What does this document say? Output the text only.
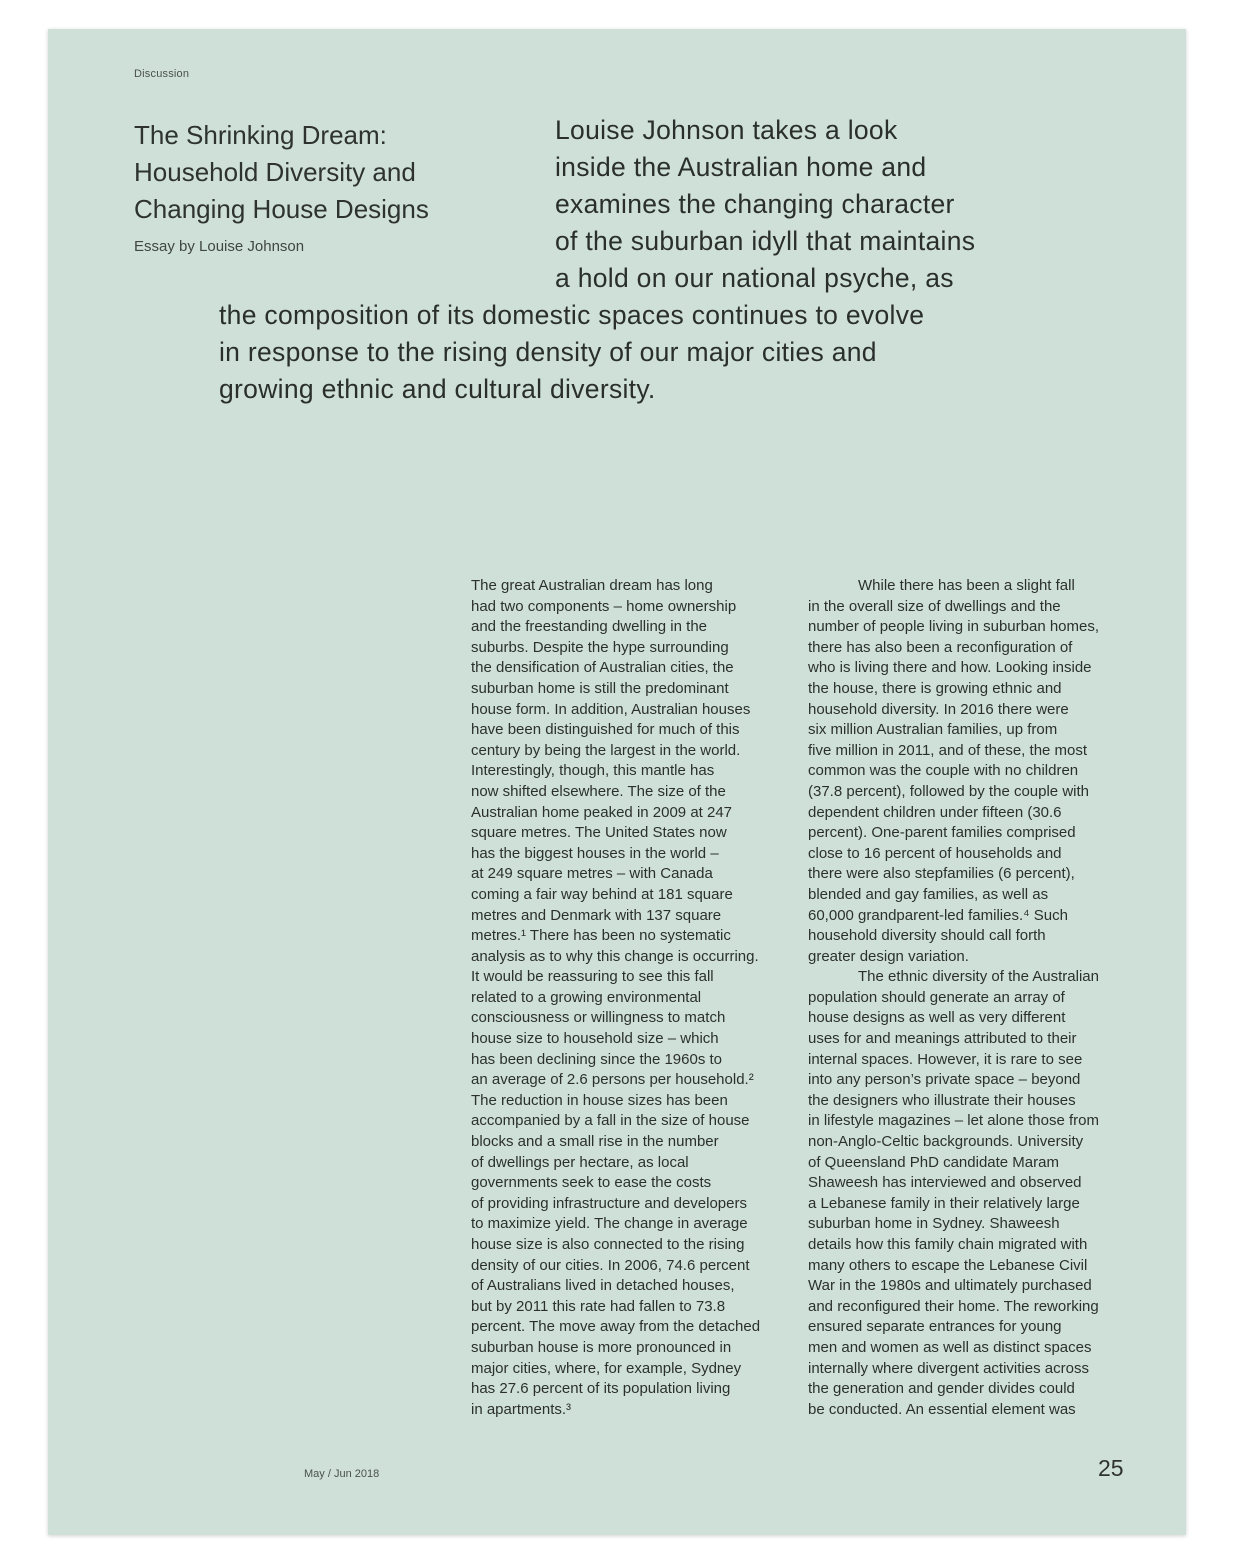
Discussion
The Shrinking Dream:
Household Diversity and
Changing House Designs
Essay by Louise Johnson
Louise Johnson takes a look
inside the Australian home and
examines the changing character
of the suburban idyll that maintains
a hold on our national psyche, as
the composition of its domestic spaces continues to evolve
in response to the rising density of our major cities and
growing ethnic and cultural diversity.
The great Australian dream has long
had two components – home ownership
and the freestanding dwelling in the
suburbs. Despite the hype surrounding
the densification of Australian cities, the
suburban home is still the predominant
house form. In addition, Australian houses
have been distinguished for much of this
century by being the largest in the world.
Interestingly, though, this mantle has
now shifted elsewhere. The size of the
Australian home peaked in 2009 at 247
square metres. The United States now
has the biggest houses in the world –
at 249 square metres – with Canada
coming a fair way behind at 181 square
metres and Denmark with 137 square
metres.¹ There has been no systematic
analysis as to why this change is occurring.
It would be reassuring to see this fall
related to a growing environmental
consciousness or willingness to match
house size to household size – which
has been declining since the 1960s to
an average of 2.6 persons per household.²
The reduction in house sizes has been
accompanied by a fall in the size of house
blocks and a small rise in the number
of dwellings per hectare, as local
governments seek to ease the costs
of providing infrastructure and developers
to maximize yield. The change in average
house size is also connected to the rising
density of our cities. In 2006, 74.6 percent
of Australians lived in detached houses,
but by 2011 this rate had fallen to 73.8
percent. The move away from the detached
suburban house is more pronounced in
major cities, where, for example, Sydney
has 27.6 percent of its population living
in apartments.³
While there has been a slight fall
in the overall size of dwellings and the
number of people living in suburban homes,
there has also been a reconfiguration of
who is living there and how. Looking inside
the house, there is growing ethnic and
household diversity. In 2016 there were
six million Australian families, up from
five million in 2011, and of these, the most
common was the couple with no children
(37.8 percent), followed by the couple with
dependent children under fifteen (30.6
percent). One-parent families comprised
close to 16 percent of households and
there were also stepfamilies (6 percent),
blended and gay families, as well as
60,000 grandparent-led families.⁴ Such
household diversity should call forth
greater design variation.
The ethnic diversity of the Australian
population should generate an array of
house designs as well as very different
uses for and meanings attributed to their
internal spaces. However, it is rare to see
into any person’s private space – beyond
the designers who illustrate their houses
in lifestyle magazines – let alone those from
non-Anglo-Celtic backgrounds. University
of Queensland PhD candidate Maram
Shaweesh has interviewed and observed
a Lebanese family in their relatively large
suburban home in Sydney. Shaweesh
details how this family chain migrated with
many others to escape the Lebanese Civil
War in the 1980s and ultimately purchased
and reconfigured their home. The reworking
ensured separate entrances for young
men and women as well as distinct spaces
internally where divergent activities across
the generation and gender divides could
be conducted. An essential element was
May / Jun 2018	25
